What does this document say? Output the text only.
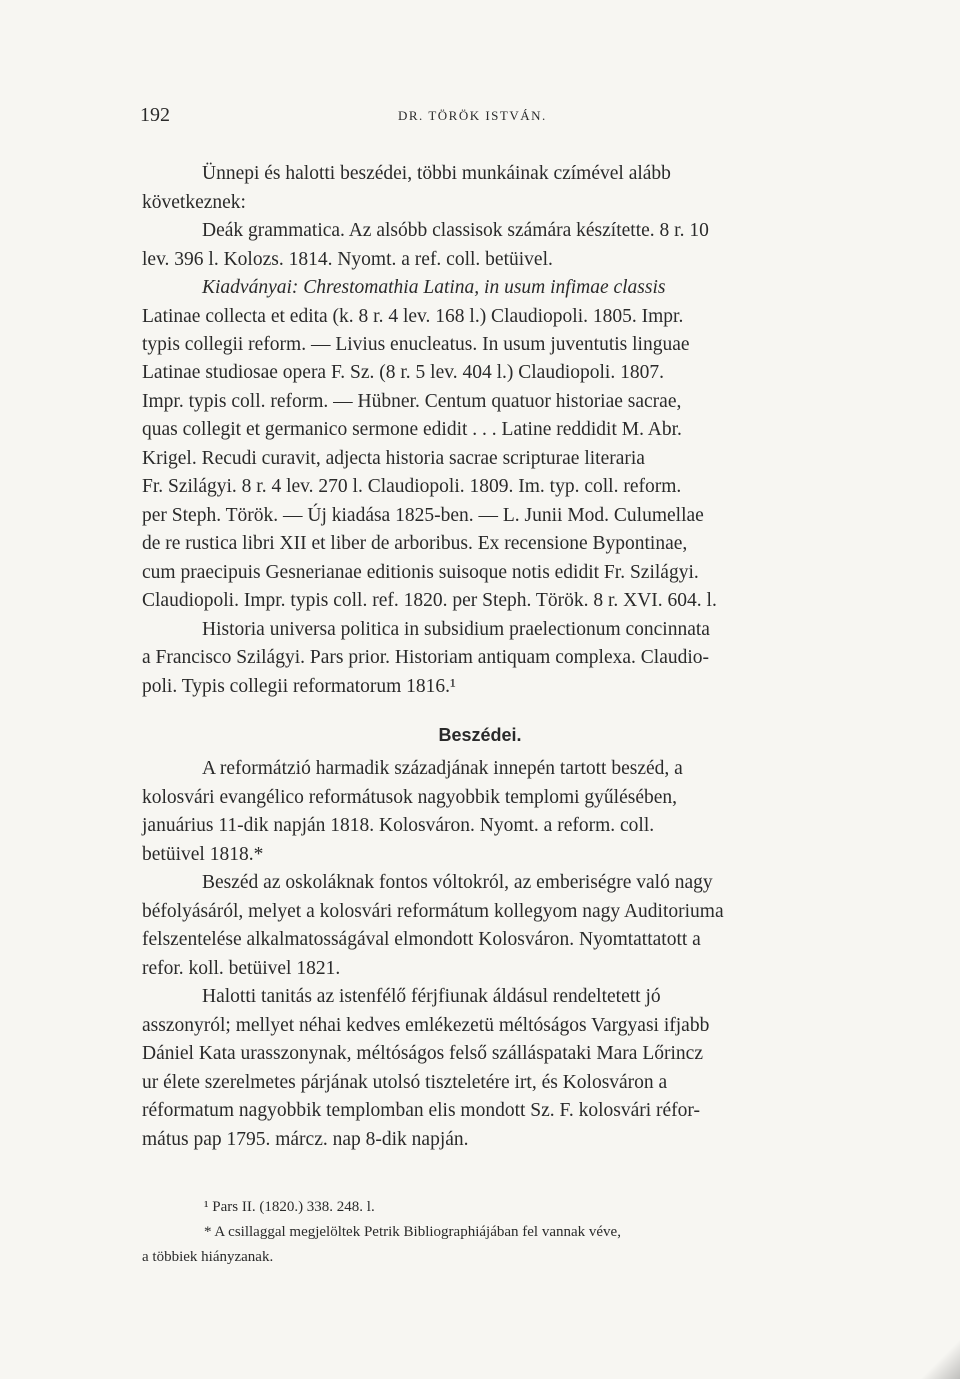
192	DR. TÖRÖK ISTVÁN.
Ünnepi és halotti beszédei, többi munkáinak czímével alább
következnek:
Deák grammatica. Az alsóbb classisok számára készítette. 8 r. 10
lev. 396 l. Kolozs. 1814. Nyomt. a ref. coll. betüivel.
Kiadványai: Chrestomathia Latina, in usum infimae classis
Latinae collecta et edita (k. 8 r. 4 lev. 168 l.) Claudiopoli. 1805. Impr.
typis collegii reform. — Livius enucleatus. In usum juventutis linguae
Latinae studiosae opera F. Sz. (8 r. 5 lev. 404 l.) Claudiopoli. 1807.
Impr. typis coll. reform. — Hübner. Centum quatuor historiae sacrae,
quas collegit et germanico sermone edidit . . . Latine reddidit M. Abr.
Krigel. Recudi curavit, adjecta historia sacrae scripturae literaria
Fr. Szilágyi. 8 r. 4 lev. 270 l. Claudiopoli. 1809. Im. typ. coll. reform.
per Steph. Török. — Új kiadása 1825-ben. — L. Junii Mod. Culumellae
de re rustica libri XII et liber de arboribus. Ex recensione Bypontinae,
cum praecipuis Gesnerianae editionis suisoque notis edidit Fr. Szilágyi.
Claudiopoli. Impr. typis coll. ref. 1820. per Steph. Török. 8 r. XVI. 604. l.
Historia universa politica in subsidium praelectionum concinnata
a Francisco Szilágyi. Pars prior. Historiam antiquam complexa. Claudio-
poli. Typis collegii reformatorum 1816.¹
Beszédei.
A reformátzió harmadik századjának innepén tartott beszéd, a
kolosvári evangélico reformátusok nagyobbik templomi gyűlésében,
januárius 11-dik napján 1818. Kolosváron. Nyomt. a reform. coll.
betüivel 1818.*
Beszéd az oskoláknak fontos vóltokról, az emberiségre való nagy
béfolyásáról, melyet a kolosvári reformátum kollegyom nagy Auditoriuma
felszentelése alkalmatosságával elmondott Kolosváron. Nyomtattatott a
refor. koll. betüivel 1821.
Halotti tanitás az istenfélő férjfiunak áldásul rendeltetett jó
asszonyról; mellyet néhai kedves emlékezetü méltóságos Vargyasi ifjabb
Dániel Kata urasszonynak, méltóságos felső szálláspataki Mara Lőrincz
ur élete szerelmetes párjának utolsó tiszteletére irt, és Kolosváron a
réformatum nagyobbik templomban elis mondott Sz. F. kolosvári réfor-
mátus pap 1795. márcz. nap 8-dik napján.
¹ Pars II. (1820.) 338. 248. l.
* A csillaggal megjelöltek Petrik Bibliographiájában fel vannak véve,
a többiek hiányzanak.
